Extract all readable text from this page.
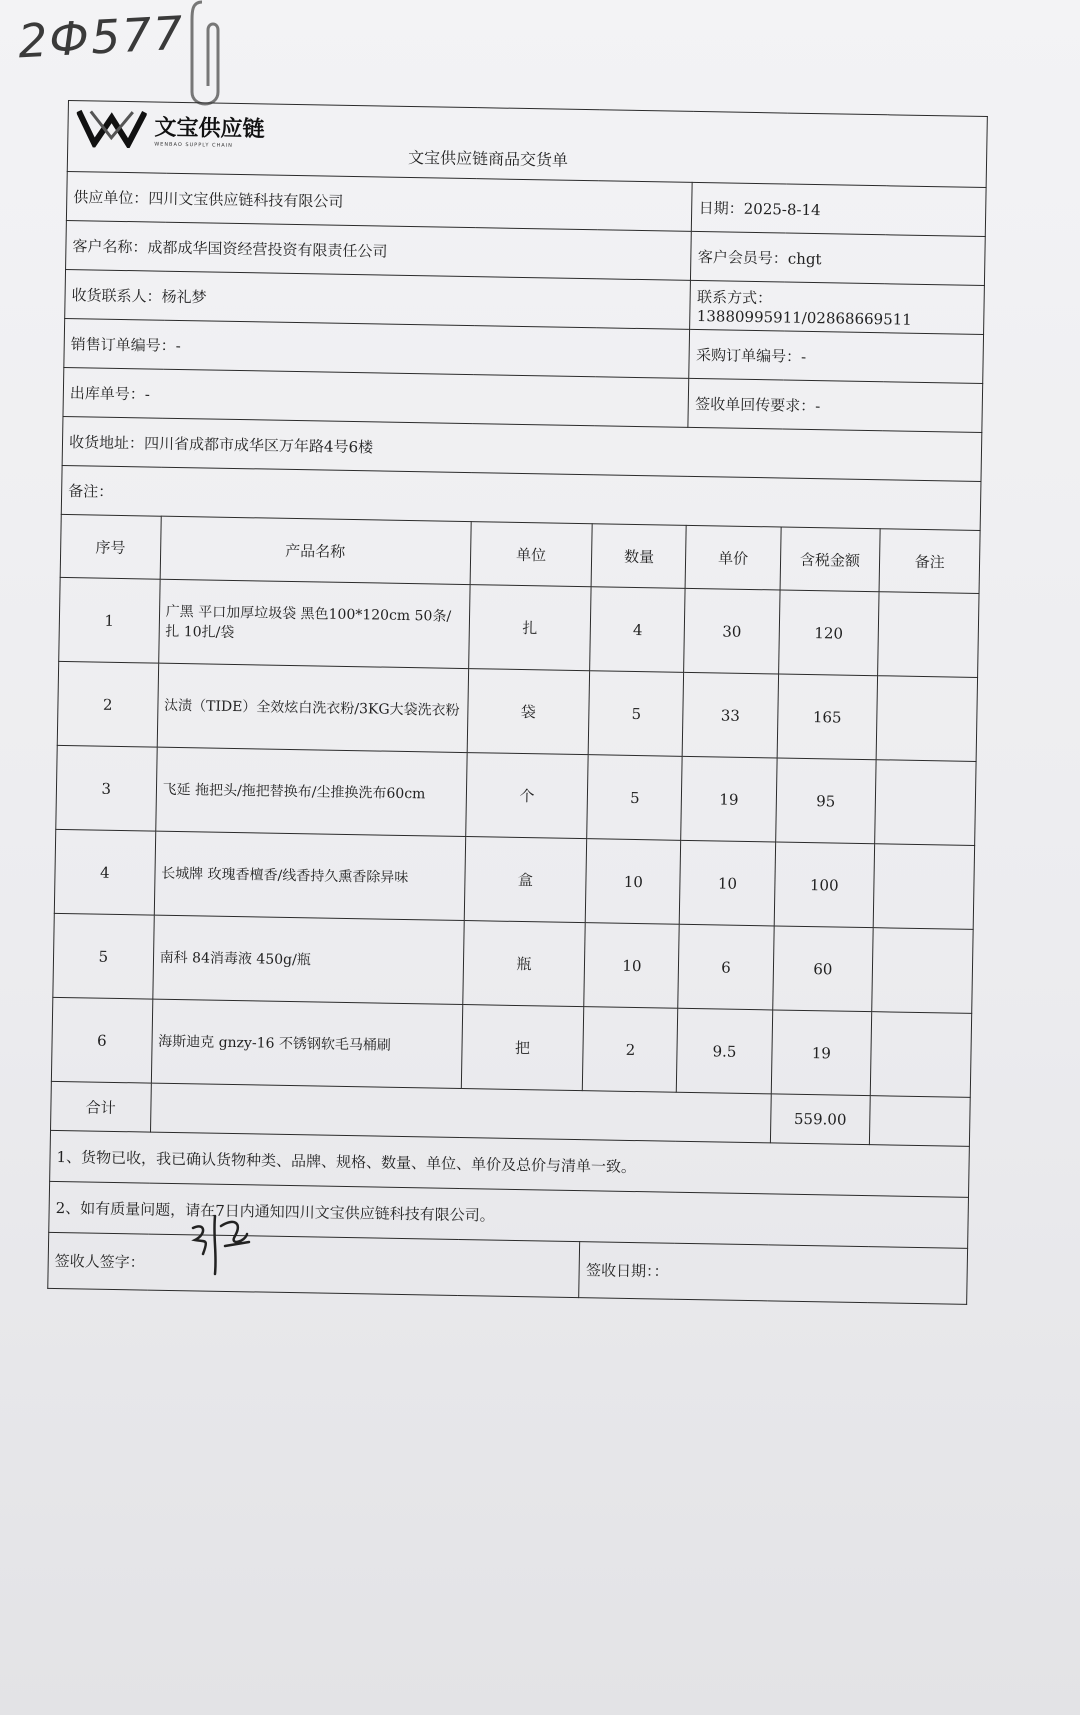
2Ф577
文宝供应链
WENBAO SUPPLY CHAIN
文宝供应链商品交货单						

供应单位：四川文宝供应链科技有限公司				日期：2025-8-14		
客户名称：成都成华国资经营投资有限责任公司				客户会员号：chgt		
收货联系人：杨礼梦				联系方式：13880995911/02868669511		
销售订单编号：-				采购订单编号：-		
出库单号：-				签收单回传要求：-		
收货地址：四川省成都市成华区万年路4号6楼						
备注：						
序号	产品名称	单位	数量	单价	含税金额	备注
1	广黑 平口加厚垃圾袋 黑色100*120cm 50条/扎 10扎/袋	扎	4	30	120	
2	汰渍（TIDE）全效炫白洗衣粉/3KG大袋洗衣粉	袋	5	33	165	
3	飞延 拖把头/拖把替换布/尘推换洗布60cm	个	5	19	95	
4	长城牌 玫瑰香檀香/线香持久熏香除异味	盒	10	10	100	
5	南科 84消毒液 450g/瓶	瓶	10	6	60	
6	海斯迪克 gnzy-16 不锈钢软毛马桶刷	把	2	9.5	19	
合计					559.00	
1、货物已收，我已确认货物种类、品牌、规格、数量、单位、单价及总价与清单一致。						
2、如有质量问题，请在7日内通知四川文宝供应链科技有限公司。						
签收人签字：			签收日期：：			
